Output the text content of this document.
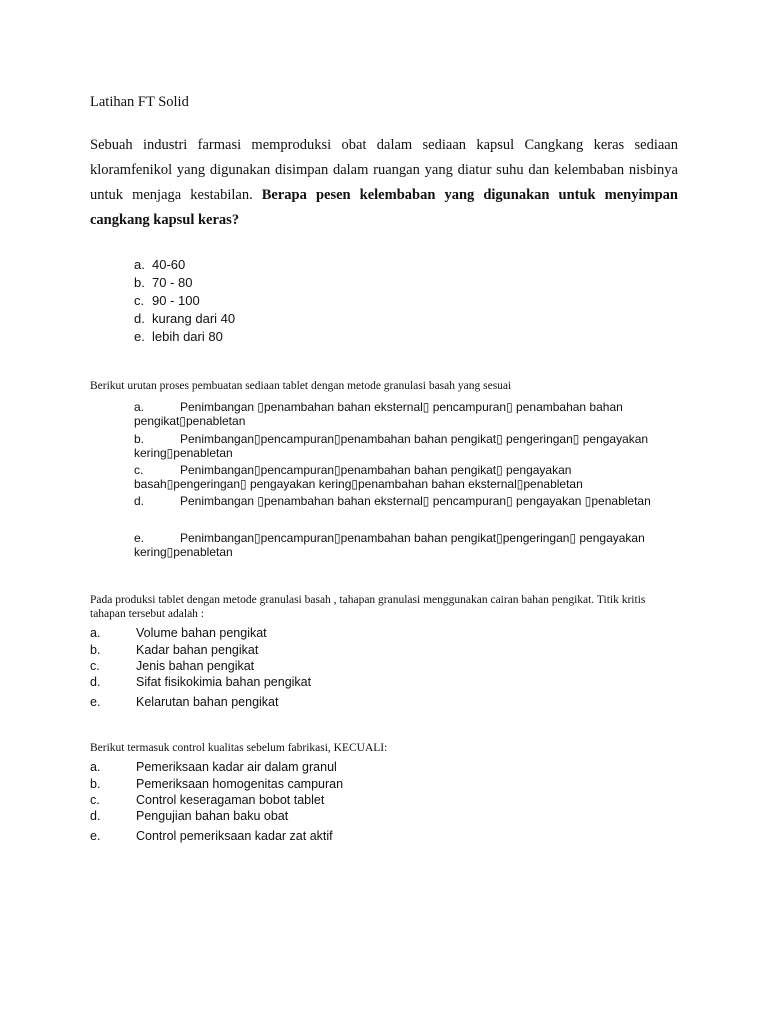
Latihan FT Solid
Sebuah industri farmasi memproduksi obat dalam sediaan kapsul Cangkang keras sediaan kloramfenikol yang digunakan disimpan dalam ruangan yang diatur suhu dan kelembaban nisbinya untuk menjaga kestabilan. Berapa pesen kelembaban yang digunakan untuk menyimpan cangkang kapsul keras?
a. 40-60
b. 70 - 80
c. 90 - 100
d. kurang dari 40
e. lebih dari 80
Berikut urutan proses pembuatan sediaan tablet dengan metode granulasi basah yang sesuai
a.	Penimbangan ▯penambahan bahan eksternal▯ pencampuran▯ penambahan bahan
pengikat▯penabletan
b.	Penimbangan▯pencampuran▯penambahan bahan pengikat▯ pengeringan▯ pengayakan
kering▯penabletan
c.	Penimbangan▯pencampuran▯penambahan bahan pengikat▯ pengayakan
basah▯pengeringan▯ pengayakan kering▯penambahan bahan eksternal▯penabletan
d.	Penimbangan ▯penambahan bahan eksternal▯ pencampuran▯ pengayakan ▯penabletan
e.	Penimbangan▯pencampuran▯penambahan bahan pengikat▯pengeringan▯ pengayakan
kering▯penabletan
Pada produksi tablet dengan metode granulasi basah , tahapan granulasi menggunakan cairan bahan pengikat. Titik kritis tahapan tersebut adalah :
a.	Volume bahan pengikat
b.	Kadar bahan pengikat
c.	Jenis bahan pengikat
d.	Sifat fisikokimia bahan pengikat
e.	Kelarutan bahan pengikat
Berikut termasuk control kualitas sebelum fabrikasi, KECUALI:
a.	Pemeriksaan kadar air dalam granul
b.	Pemeriksaan homogenitas campuran
c.	Control keseragaman bobot tablet
d.	Pengujian bahan baku obat
e.	Control pemeriksaan kadar zat aktif
